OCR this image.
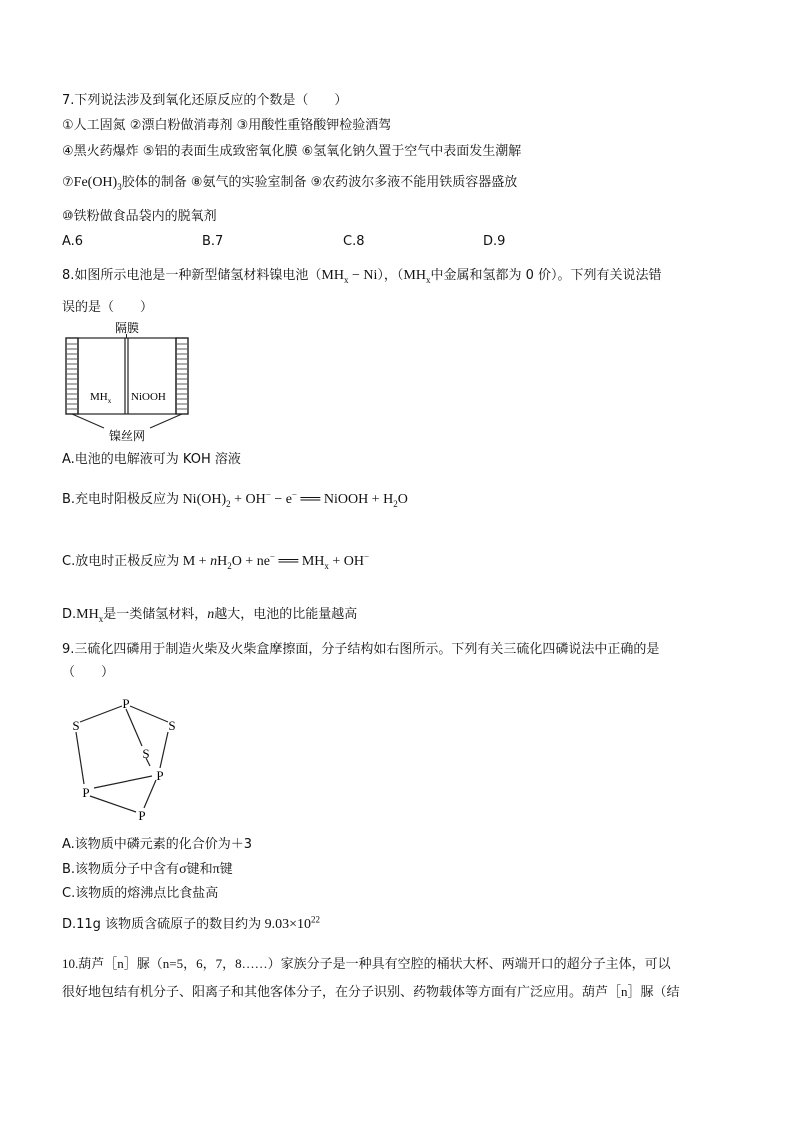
7.下列说法涉及到氧化还原反应的个数是（　　）
①人工固氮 ②漂白粉做消毒剂 ③用酸性重铬酸钾检验酒驾
④黑火药爆炸 ⑤铝的表面生成致密氧化膜 ⑥氢氧化钠久置于空气中表面发生潮解
$⑦Fe(OH)_3$胶体的制备 ⑧氨气的实验室制备 ⑨农药波尔多液不能用铁质容器盛放
⑩铁粉做食品袋内的脱氧剂
A.6	B.7	C.8	D.9
8.如图所示电池是一种新型储氢材料镍电池$(MH_x - Ni)$，（$MH_x$中金属和氢都为 0 价）。下列有关说法错
误的是（　　）
隔膜
$MH_x$ NiOOH
镍丝网
A.电池的电解液可为 KOH 溶液
B.充电时阳极反应为 $Ni(OH)_2 + OH^- - e^-$ ══ NiOOH + $H_2O$
C.放电时正极反应为 $M + nH_2O + ne^-$ ══ $MH_x + OH^-$
$D.MH_x$是一类储氢材料，n越大，电池的比能量越高
9.三硫化四磷用于制造火柴及火柴盒摩擦面，分子结构如右图所示。下列有关三硫化四磷说法中正确的是
（　　）
P
S	S
S
P
P
P
A.该物质中磷元素的化合价为＋3
B.该物质分子中含有σ键和π键
C.该物质的熔沸点比食盐高
D.11g 该物质含硫原子的数目约为 $9.03\times 10^{22}$
10.葫芦［n］脲（n=5，6，7，8……）家族分子是一种具有空腔的桶状大杯、两端开口的超分子主体，可以
很好地包结有机分子、阳离子和其他客体分子，在分子识别、药物载体等方面有广泛应用。葫芦［n］脲（结
